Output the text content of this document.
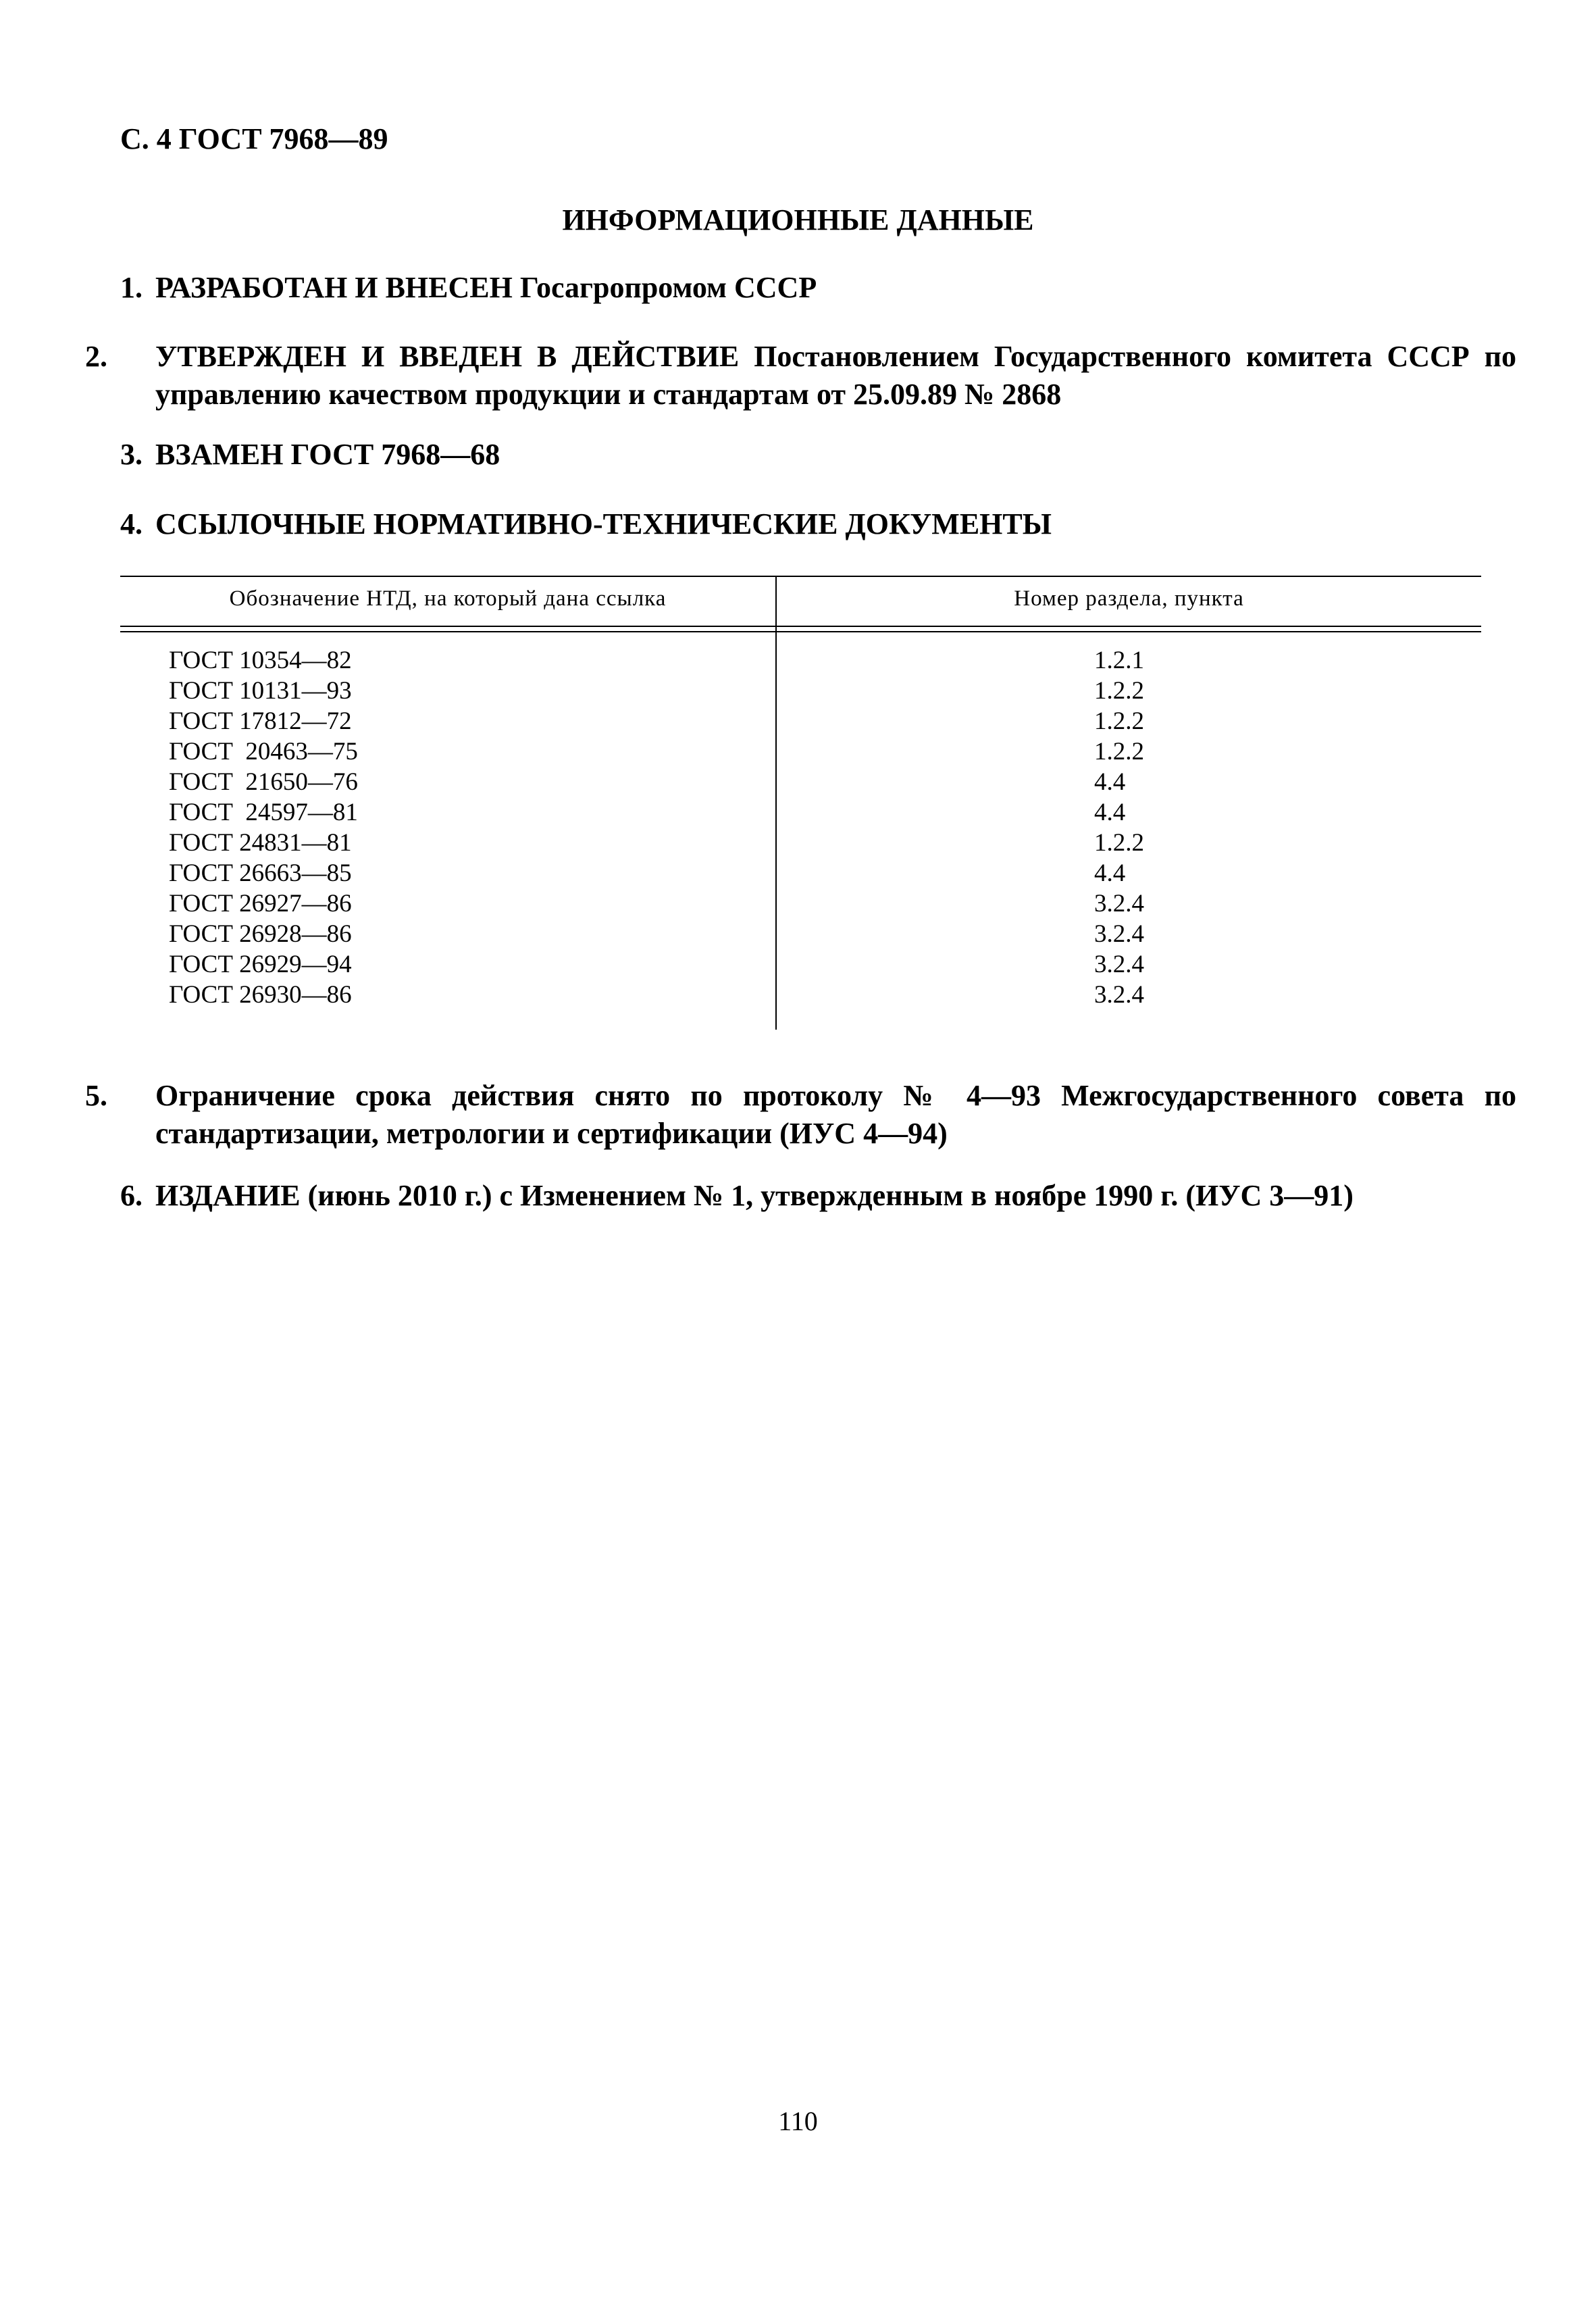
С. 4 ГОСТ 7968—89
ИНФОРМАЦИОННЫЕ ДАННЫЕ
1. РАЗРАБОТАН И ВНЕСЕН Госагропромом СССР
2. УТВЕРЖДЕН И ВВЕДЕН В ДЕЙСТВИЕ Постановлением Государственного комитета СССР по управлению качеством продукции и стандартам от 25.09.89 № 2868
3. ВЗАМЕН ГОСТ 7968—68
4. ССЫЛОЧНЫЕ НОРМАТИВНО-ТЕХНИЧЕСКИЕ ДОКУМЕНТЫ
Обозначение НТД, на который дана ссылка	Номер раздела, пункта
ГОСТ 10354—82	1.2.1
ГОСТ 10131—93	1.2.2
ГОСТ 17812—72	1.2.2
ГОСТ  20463—75	1.2.2
ГОСТ  21650—76	4.4
ГОСТ  24597—81	4.4
ГОСТ 24831—81	1.2.2
ГОСТ 26663—85	4.4
ГОСТ 26927—86	3.2.4
ГОСТ 26928—86	3.2.4
ГОСТ 26929—94	3.2.4
ГОСТ 26930—86	3.2.4
5. Ограничение срока действия снято по протоколу № 4—93 Межгосударственного совета по стандартизации, метрологии и сертификации (ИУС 4—94)
6. ИЗДАНИЕ (июнь 2010 г.) с Изменением № 1, утвержденным в ноябре 1990 г. (ИУС 3—91)
110
